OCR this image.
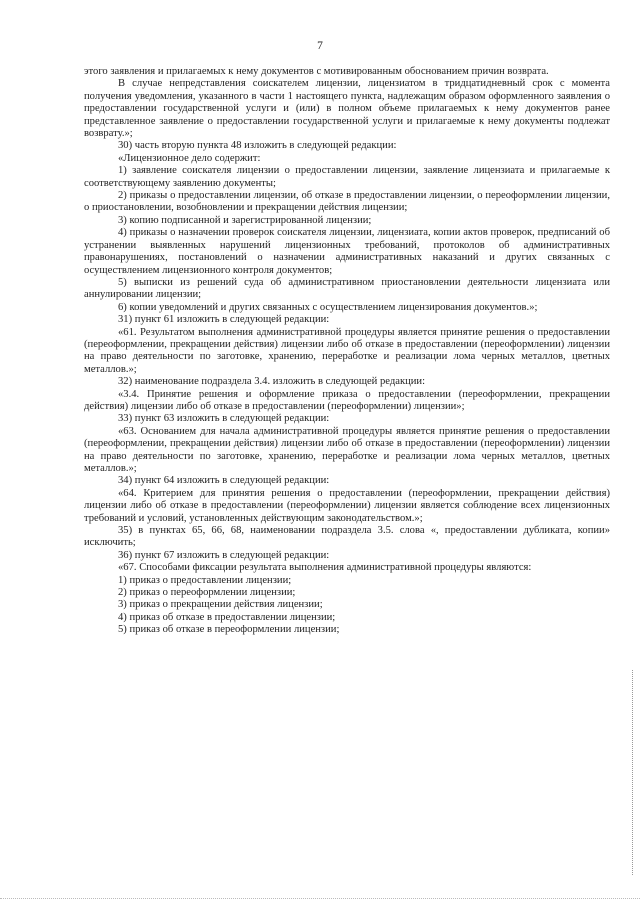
7

этого заявления и прилагаемых к нему документов с мотивированным обоснованием причин возврата.

В случае непредставления соискателем лицензии, лицензиатом в тридцатидневный срок с момента получения уведомления, указанного в части 1 настоящего пункта, надлежащим образом оформленного заявления о предоставлении государственной услуги и (или) в полном объеме прилагаемых к нему документов ранее представленное заявление о предоставлении государственной услуги и прилагаемые к нему документы подлежат возврату.»;

30) часть вторую пункта 48 изложить в следующей редакции:

«Лицензионное дело содержит:

1) заявление соискателя лицензии о предоставлении лицензии, заявление лицензиата и прилагаемые к соответствующему заявлению документы;

2) приказы о предоставлении лицензии, об отказе в предоставлении лицензии, о переоформлении лицензии, о приостановлении, возобновлении и прекращении действия лицензии;

3) копию подписанной и зарегистрированной лицензии;

4) приказы о назначении проверок соискателя лицензии, лицензиата, копии актов проверок, предписаний об устранении выявленных нарушений лицензионных требований, протоколов об административных правонарушениях, постановлений о назначении административных наказаний и других связанных с осуществлением лицензионного контроля документов;

5) выписки из решений суда об административном приостановлении деятельности лицензиата или аннулировании лицензии;

6) копии уведомлений и других связанных с осуществлением лицензирования документов.»;

31) пункт 61 изложить в следующей редакции:

«61. Результатом выполнения административной процедуры является принятие решения о предоставлении (переоформлении, прекращении действия) лицензии либо об отказе в предоставлении (переоформлении) лицензии на право деятельности по заготовке, хранению, переработке и реализации лома черных металлов, цветных металлов.»;

32) наименование подраздела 3.4. изложить в следующей редакции:

«3.4. Принятие решения и оформление приказа о предоставлении (переоформлении, прекращении действия) лицензии либо об отказе в предоставлении (переоформлении) лицензии»;

33) пункт 63 изложить в следующей редакции:

«63. Основанием для начала административной процедуры является принятие решения о предоставлении (переоформлении, прекращении действия) лицензии либо об отказе в предоставлении (переоформлении) лицензии на право деятельности по заготовке, хранению, переработке и реализации лома черных металлов, цветных металлов.»;

34) пункт 64 изложить в следующей редакции:

«64. Критерием для принятия решения о предоставлении (переоформлении, прекращении действия) лицензии либо об отказе в предоставлении (переоформлении) лицензии является соблюдение всех лицензионных требований и условий, установленных действующим законодательством.»;

35) в пунктах 65, 66, 68, наименовании подраздела 3.5. слова «, предоставлении дубликата, копии» исключить;

36) пункт 67 изложить в следующей редакции:

«67. Способами фиксации результата выполнения административной процедуры являются:

1) приказ о предоставлении лицензии;

2) приказ о переоформлении лицензии;

3) приказ о прекращении действия лицензии;

4) приказ об отказе в предоставлении лицензии;

5) приказ об отказе в переоформлении лицензии;
